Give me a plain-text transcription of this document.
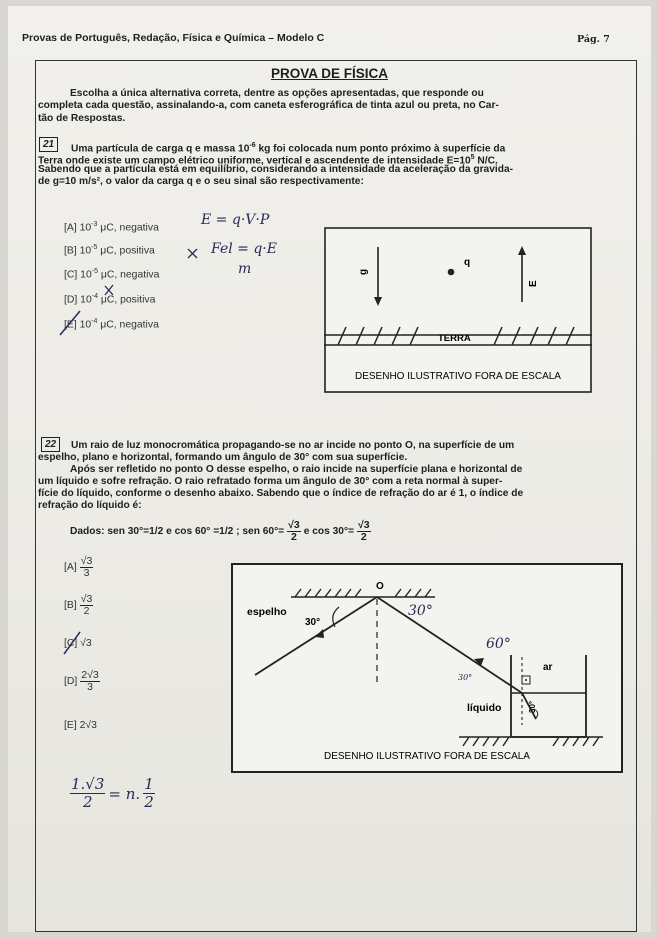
Provas de Português, Redação, Física e Química – Modelo C	Pág. 7
PROVA DE FÍSICA
Escolha a única alternativa correta, dentre as opções apresentadas, que responde ou
completa cada questão, assinalando-a, com caneta esferográfica de tinta azul ou preta, no Car-
tão de Respostas.
21	Uma partícula de carga q e massa $10^{-6}$ kg foi colocada num ponto próximo à superfície da
Terra onde existe um campo elétrico uniforme, vertical e ascendente de intensidade $E=10^5$ N/C.
Sabendo que a partícula está em equilíbrio, considerando a intensidade da aceleração da gravida-
de g=10 m/s², o valor da carga q e o seu sinal são respectivamente:
[A] $10^{-3}$ μC, negativa
[B] $10^{-5}$ μC, positiva
[C] $10^{-5}$ μC, negativa
[D] $10^{-4}$ μC, positiva
[E] $10^{-4}$ μC, negativa
E = q·V·P
Fel = q·E
m	g
q
E
TERRA
DESENHO ILUSTRATIVO FORA DE ESCALA
22	Um raio de luz monocromática propagando-se no ar incide no ponto O, na superfície de um
espelho, plano e horizontal, formando um ângulo de 30° com sua superfície.
Após ser refletido no ponto O desse espelho, o raio incide na superfície plana e horizontal de
um líquido e sofre refração. O raio refratado forma um ângulo de 30° com a reta normal à super-
fície do líquido, conforme o desenho abaixo. Sabendo que o índice de refração do ar é 1, o índice de
refração do líquido é:
Dados: sen 30°=1/2 e cos 60° =1/2 ; sen $60^\circ= \frac{√3}{2}$ e $\cos 30^\circ= \frac{√3}{2}$
$[A] \frac{√3}{3}$
$[B] \frac{√3}{2}$
[C] √3
$[D] \frac{2√3}{3}$
[E] 2√3
O
espelho
30°
ar
líquido	30°
DESENHO ILUSTRATIVO FORA DE ESCALA
30°
60°
30°
$\frac{1.√3}{2} = n$. $\frac{1}{2}$
